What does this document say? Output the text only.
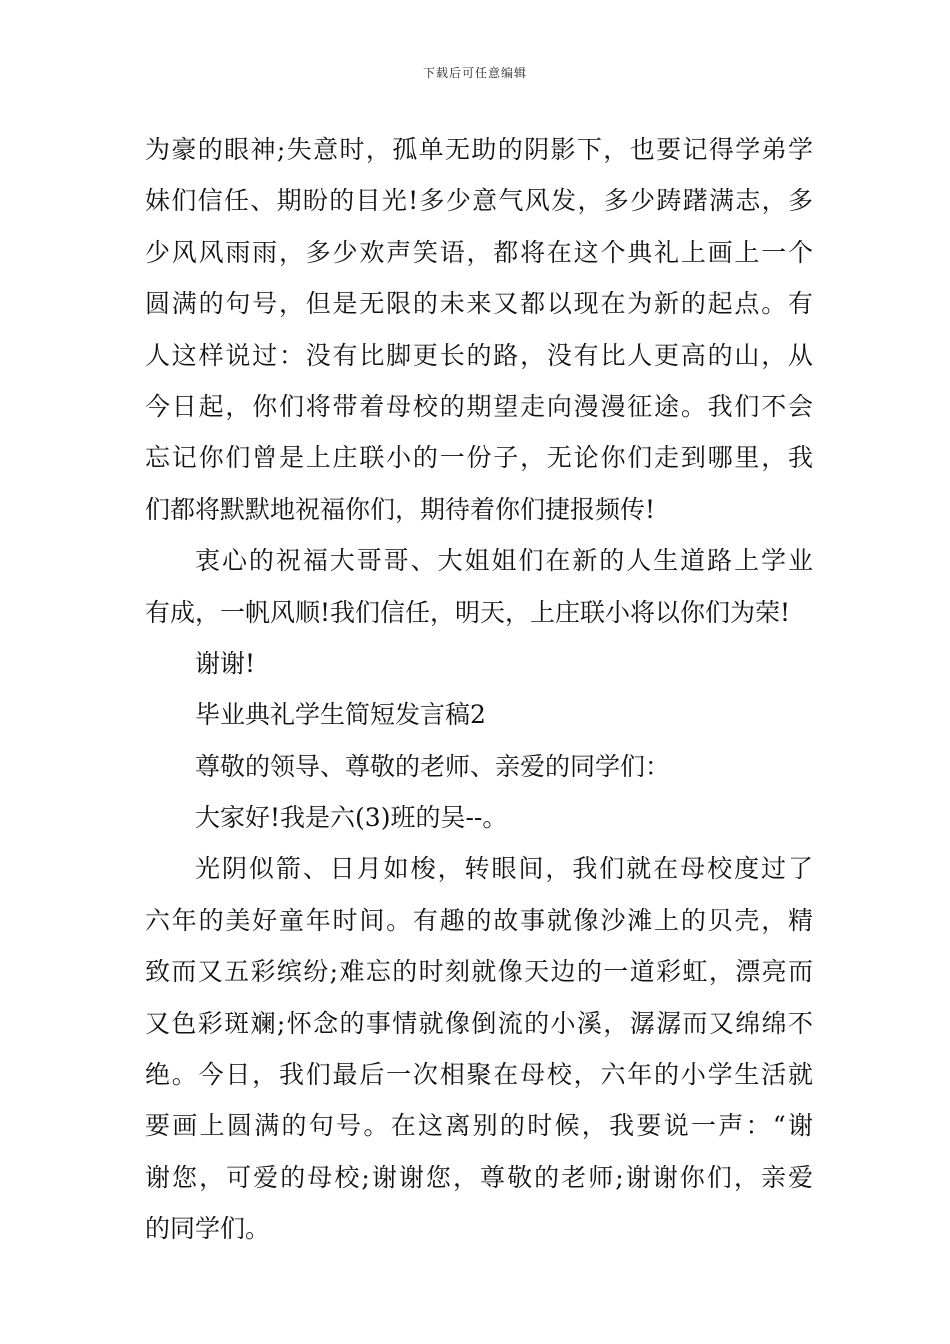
下载后可任意编辑
为豪的眼神;失意时，孤单无助的阴影下，也要记得学弟学
妹们信任、期盼的目光!多少意气风发，多少踌躇满志，多
少风风雨雨，多少欢声笑语，都将在这个典礼上画上一个
圆满的句号，但是无限的未来又都以现在为新的起点。有
人这样说过：没有比脚更长的路，没有比人更高的山，从
今日起，你们将带着母校的期望走向漫漫征途。我们不会
忘记你们曾是上庄联小的一份子，无论你们走到哪里，我
们都将默默地祝福你们，期待着你们捷报频传!
衷心的祝福大哥哥、大姐姐们在新的人生道路上学业
有成，一帆风顺!我们信任，明天，上庄联小将以你们为荣!
谢谢!
毕业典礼学生简短发言稿2
尊敬的领导、尊敬的老师、亲爱的同学们：
大家好!我是六(3)班的吴--。
光阴似箭、日月如梭，转眼间，我们就在母校度过了
六年的美好童年时间。有趣的故事就像沙滩上的贝壳，精
致而又五彩缤纷;难忘的时刻就像天边的一道彩虹，漂亮而
又色彩斑斓;怀念的事情就像倒流的小溪，潺潺而又绵绵不
绝。今日，我们最后一次相聚在母校，六年的小学生活就
要画上圆满的句号。在这离别的时候，我要说一声：“谢
谢您，可爱的母校;谢谢您，尊敬的老师;谢谢你们，亲爱
的同学们。
